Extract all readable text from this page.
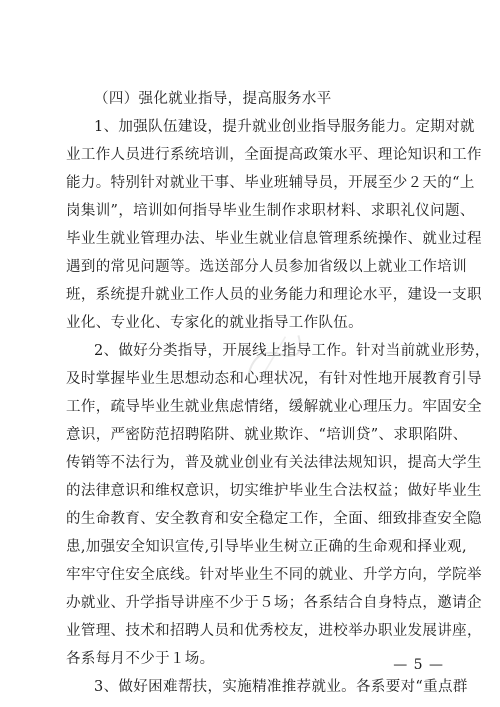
（四）强化就业指导，提高服务水平
1、加强队伍建设，提升就业创业指导服务能力。定期对就
业工作人员进行系统培训，全面提高政策水平、理论知识和工作
能力。特别针对就业干事、毕业班辅导员，开展至少２天的“上
岗集训”，培训如何指导毕业生制作求职材料、求职礼仪问题、
毕业生就业管理办法、毕业生就业信息管理系统操作、就业过程
遇到的常见问题等。选送部分人员参加省级以上就业工作培训
班，系统提升就业工作人员的业务能力和理论水平，建设一支职
业化、专业化、专家化的就业指导工作队伍。
2、做好分类指导，开展线上指导工作。针对当前就业形势，
及时掌握毕业生思想动态和心理状况，有针对性地开展教育引导
工作，疏导毕业生就业焦虑情绪，缓解就业心理压力。牢固安全
意识，严密防范招聘陷阱、就业欺诈、“培训贷”、求职陷阱、
传销等不法行为，普及就业创业有关法律法规知识，提高大学生
的法律意识和维权意识，切实维护毕业生合法权益；做好毕业生
的生命教育、安全教育和安全稳定工作，全面、细致排查安全隐
患,加强安全知识宣传,引导毕业生树立正确的生命观和择业观,
牢牢守住安全底线。针对毕业生不同的就业、升学方向，学院举
办就业、升学指导讲座不少于５场；各系结合自身特点，邀请企
业管理、技术和招聘人员和优秀校友，进校举办职业发展讲座，
各系每月不少于１场。
3、做好困难帮扶，实施精准推荐就业。各系要对“重点群
— 5 —
